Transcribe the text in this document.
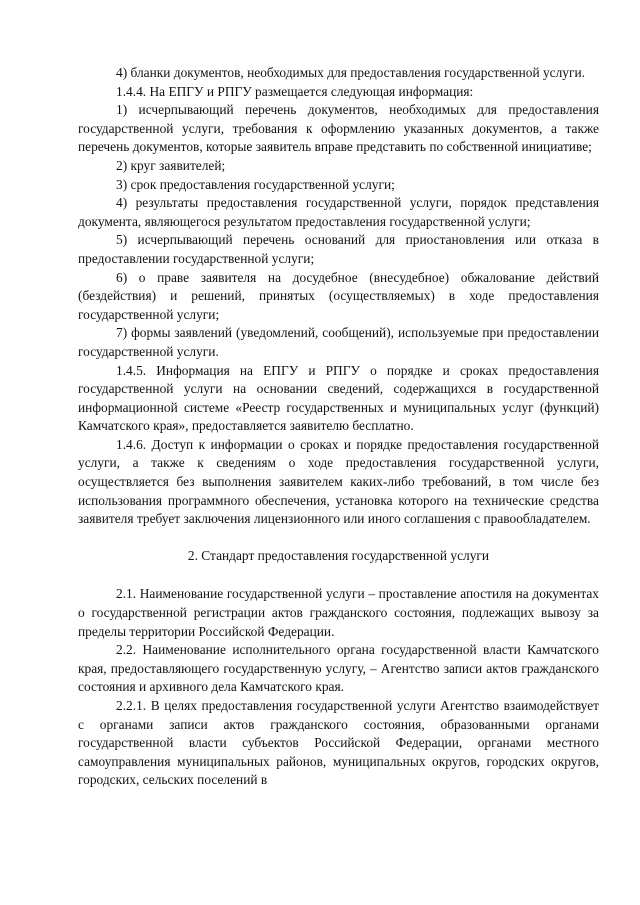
4) бланки документов, необходимых для предоставления государственной услуги.

1.4.4. На ЕПГУ и РПГУ размещается следующая информация:

1) исчерпывающий перечень документов, необходимых для предоставления государственной услуги, требования к оформлению указанных документов, а также перечень документов, которые заявитель вправе представить по собственной инициативе;

2) круг заявителей;

3) срок предоставления государственной услуги;

4) результаты предоставления государственной услуги, порядок представления документа, являющегося результатом предоставления государственной услуги;

5) исчерпывающий перечень оснований для приостановления или отказа в предоставлении государственной услуги;

6) о праве заявителя на досудебное (внесудебное) обжалование действий (бездействия) и решений, принятых (осуществляемых) в ходе предоставления государственной услуги;

7) формы заявлений (уведомлений, сообщений), используемые при предоставлении государственной услуги.

1.4.5. Информация на ЕПГУ и РПГУ о порядке и сроках предоставления государственной услуги на основании сведений, содержащихся в государственной информационной системе «Реестр государственных и муниципальных услуг (функций) Камчатского края», предоставляется заявителю бесплатно.

1.4.6. Доступ к информации о сроках и порядке предоставления государственной услуги, а также к сведениям о ходе предоставления государственной услуги, осуществляется без выполнения заявителем каких-либо требований, в том числе без использования программного обеспечения, установка которого на технические средства заявителя требует заключения лицензионного или иного соглашения с правообладателем.

2. Стандарт предоставления государственной услуги

2.1. Наименование государственной услуги – проставление апостиля на документах о государственной регистрации актов гражданского состояния, подлежащих вывозу за пределы территории Российской Федерации.

2.2. Наименование исполнительного органа государственной власти Камчатского края, предоставляющего государственную услугу, – Агентство записи актов гражданского состояния и архивного дела Камчатского края.

2.2.1. В целях предоставления государственной услуги Агентство взаимодействует с органами записи актов гражданского состояния, образованными органами государственной власти субъектов Российской Федерации, органами местного самоуправления муниципальных районов, муниципальных округов, городских округов, городских, сельских поселений в
